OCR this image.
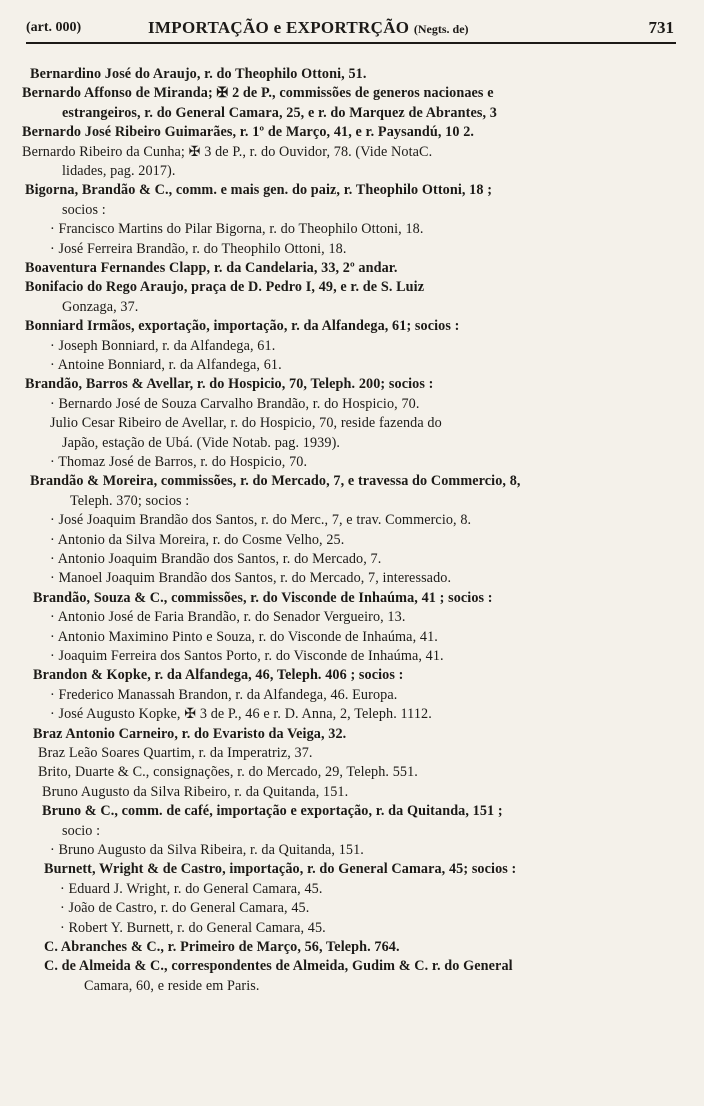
(art. 000)	IMPORTAÇÃO e EXPORTRÇÃO (Negts. de)	731
Bernardino José do Araujo, r. do Theophilo Ottoni, 51.
Bernardo Affonso de Miranda; ✠ 2 de P., commissões de generos nacionaes e
estrangeiros, r. do General Camara, 25, e r. do Marquez de Abrantes, 3
Bernardo José Ribeiro Guimarães, r. 1º de Março, 41, e r. Paysandú, 10 2.
Bernardo Ribeiro da Cunha; ✠ 3 de P., r. do Ouvidor, 78. (Vide NotaC.
lidades, pag. 2017).
Bigorna, Brandão & C., comm. e mais gen. do paiz, r. Theophilo Ottoni, 18 ;
socios :
· Francisco Martins do Pilar Bigorna, r. do Theophilo Ottoni, 18.
· José Ferreira Brandão, r. do Theophilo Ottoni, 18.
Boaventura Fernandes Clapp, r. da Candelaria, 33, 2º andar.
Bonifacio do Rego Araujo, praça de D. Pedro I, 49, e r. de S. Luiz
Gonzaga, 37.
Bonniard Irmãos, exportação, importação, r. da Alfandega, 61; socios :
· Joseph Bonniard, r. da Alfandega, 61.
· Antoine Bonniard, r. da Alfandega, 61.
Brandão, Barros & Avellar, r. do Hospicio, 70, Teleph. 200; socios :
· Bernardo José de Souza Carvalho Brandão, r. do Hospicio, 70.
Julio Cesar Ribeiro de Avellar, r. do Hospicio, 70, reside fazenda do
Japão, estação de Ubá. (Vide Notab. pag. 1939).
· Thomaz José de Barros, r. do Hospicio, 70.
Brandão & Moreira, commissões, r. do Mercado, 7, e travessa do Commercio, 8,
Teleph. 370; socios :
· José Joaquim Brandão dos Santos, r. do Merc., 7, e trav. Commercio, 8.
· Antonio da Silva Moreira, r. do Cosme Velho, 25.
· Antonio Joaquim Brandão dos Santos, r. do Mercado, 7.
· Manoel Joaquim Brandão dos Santos, r. do Mercado, 7, interessado.
Brandão, Souza & C., commissões, r. do Visconde de Inhaúma, 41 ; socios :
· Antonio José de Faria Brandão, r. do Senador Vergueiro, 13.
· Antonio Maximino Pinto e Souza, r. do Visconde de Inhaúma, 41.
· Joaquim Ferreira dos Santos Porto, r. do Visconde de Inhaúma, 41.
Brandon & Kopke, r. da Alfandega, 46, Teleph. 406 ; socios :
· Frederico Manassah Brandon, r. da Alfandega, 46. Europa.
· José Augusto Kopke, ✠ 3 de P., 46 e r. D. Anna, 2, Teleph. 1112.
Braz Antonio Carneiro, r. do Evaristo da Veiga, 32.
Braz Leão Soares Quartim, r. da Imperatriz, 37.
Brito, Duarte & C., consignações, r. do Mercado, 29, Teleph. 551.
Bruno Augusto da Silva Ribeiro, r. da Quitanda, 151.
Bruno & C., comm. de café, importação e exportação, r. da Quitanda, 151 ;
socio :
· Bruno Augusto da Silva Ribeira, r. da Quitanda, 151.
Burnett, Wright & de Castro, importação, r. do General Camara, 45; socios :
· Eduard J. Wright, r. do General Camara, 45.
· João de Castro, r. do General Camara, 45.
· Robert Y. Burnett, r. do General Camara, 45.
C. Abranches & C., r. Primeiro de Março, 56, Teleph. 764.
C. de Almeida & C., correspondentes de Almeida, Gudim & C. r. do General
Camara, 60, e reside em Paris.
